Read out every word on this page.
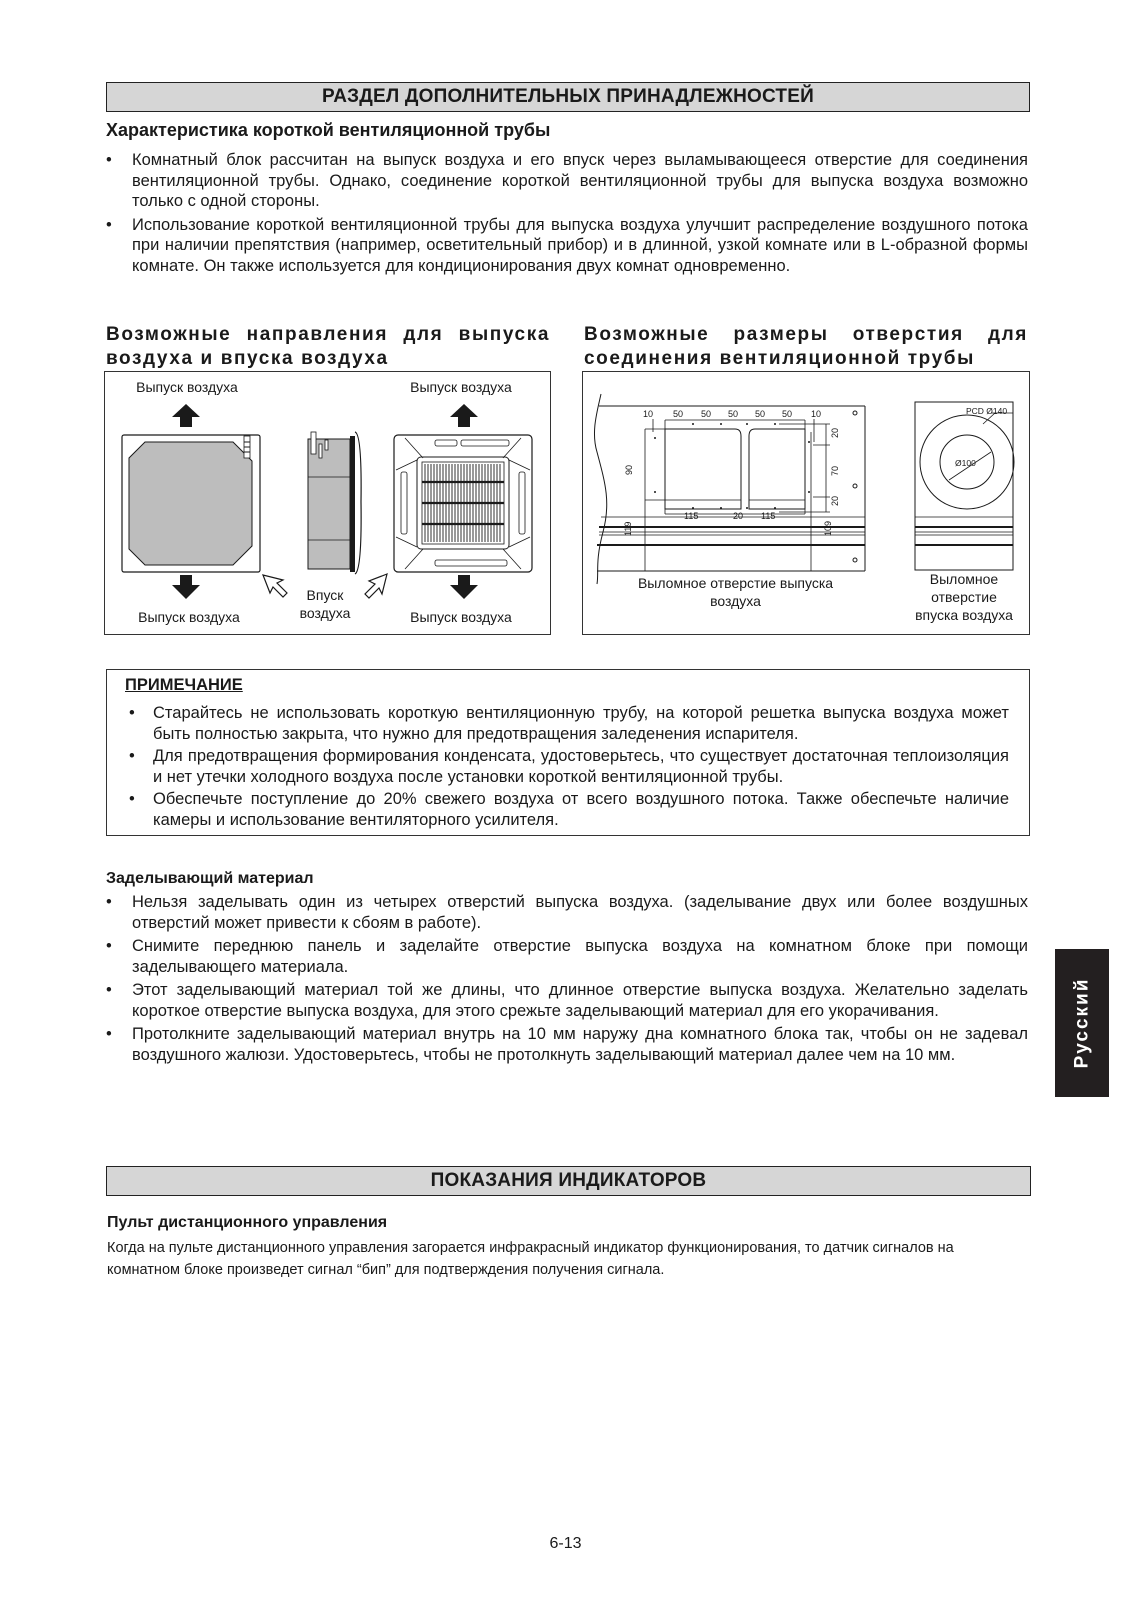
РАЗДЕЛ ДОПОЛНИТЕЛЬНЫХ ПРИНАДЛЕЖНОСТЕЙ
Характеристика короткой вентиляционной трубы
• Комнатный блок рассчитан на выпуск воздуха и его впуск через выламывающееся отверстие для соединения вентиляционной трубы. Однако, соединение короткой вентиляционной трубы для выпуска воздуха возможно только с одной стороны.
• Использование короткой вентиляционной трубы для выпуска воздуха улучшит распределение воздушного потока при наличии препятствия (например, осветительный прибор) и в длинной, узкой комнате или в L-образной формы комнате. Он также используется для кондиционирования двух комнат одновременно.
Возможные направления для выпуска воздуха и впуска воздуха
Выпуск воздуха	Выпуск воздуха
Выпуск воздуха	Выпуск воздуха
Впуск
воздуха
Возможные размеры отверстия для соединения вентиляционной трубы
10 50 50 50 50 50 10
115	20 115
20
70
20
90
119	109
PCD Ø140
Ø100
Выломное отверстие выпуска
воздуха
Выломное
отверстие
впуска воздуха
ПРИМЕЧАНИЕ
• Старайтесь не использовать короткую вентиляционную трубу, на которой решетка выпуска воздуха может быть полностью закрыта, что нужно для предотвращения заледенения испарителя.
• Для предотвращения формирования конденсата, удостоверьтесь, что существует достаточная теплоизоляция и нет утечки холодного воздуха после установки короткой вентиляционной трубы.
• Обеспечьте поступление до 20% свежего воздуха от всего воздушного потока. Также обеспечьте наличие камеры и использование вентиляторного усилителя.
Заделывающий материал
• Нельзя заделывать один из четырех отверстий выпуска воздуха. (заделывание двух или более воздушных отверстий может привести к сбоям в работе).
• Снимите переднюю панель и заделайте отверстие выпуска воздуха на комнатном блоке при помощи заделывающего материала.
• Этот заделывающий материал той же длины, что длинное отверстие выпуска воздуха. Желательно заделать короткое отверстие выпуска воздуха, для этого срежьте заделывающий материал для его укорачивания.
• Протолкните заделывающий материал внутрь на 10 мм наружу дна комнатного блока так, чтобы он не задевал воздушного жалюзи. Удостоверьтесь, чтобы не протолкнуть заделывающий материал далее чем на 10 мм.	Русский
ПОКАЗАНИЯ ИНДИКАТОРОВ
Пульт дистанционного управления
Когда на пульте дистанционного управления загорается инфракрасный индикатор функционирования, то датчик сигналов на комнатном блоке произведет сигнал “бип” для подтверждения получения сигнала.
6-13
